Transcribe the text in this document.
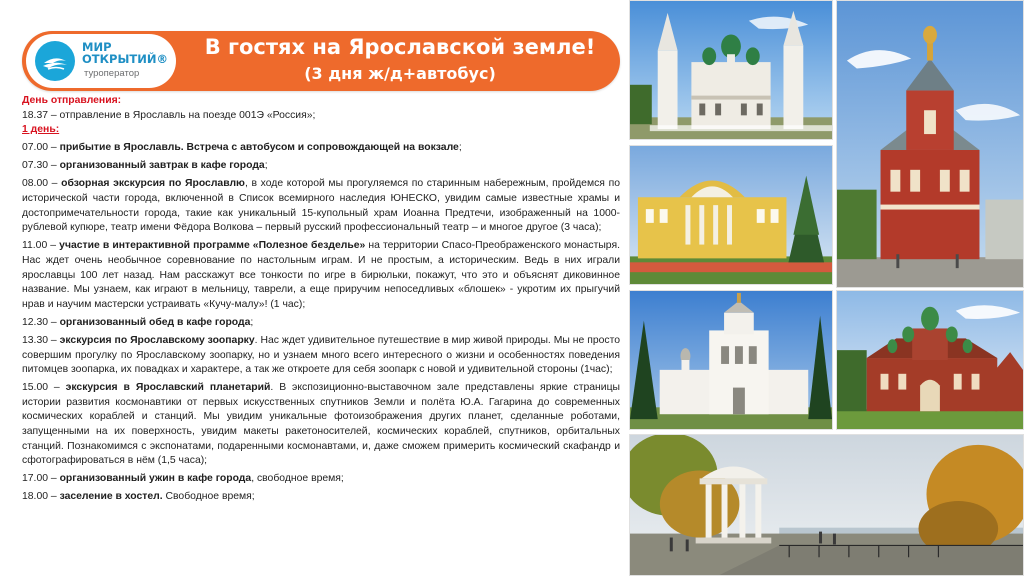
МИР
ОТКРЫТИЙ®
туроператор
В гостях на Ярославской земле!
(3 дня ж/д+автобус)

День отправления:

18.37 – отправление в Ярославль на поезде 001Э «Россия»;

1 день:

07.00 – прибытие в Ярославль. Встреча с автобусом и сопровождающей на вокзале;

07.30 – организованный завтрак в кафе города;

08.00 – обзорная экскурсия по Ярославлю, в ходе которой мы прогуляемся по старинным набережным, пройдемся по исторической части города, включенной в Список всемирного наследия ЮНЕСКО, увидим самые известные храмы и достопримечательности города, такие как уникальный 15-купольный храм Иоанна Предтечи, изображенный на 1000-рублевой купюре, театр имени Фёдора Волкова – первый русский профессиональный театр – и многое другое (3 часа);

11.00 – участие в интерактивной программе «Полезное безделье» на территории Спасо-Преображенского монастыря. Нас ждет очень необычное соревнование по настольным играм. И не простым, а историческим. Ведь в них играли ярославцы 100 лет назад. Нам расскажут все тонкости по игре в бирюльки, покажут, что это и объяснят диковинное название. Мы узнаем, как играют в мельницу, таврели, а еще приручим непоседливых «блошек» - укротим их прыгучий нрав и научим мастерски устраивать «Кучу-малу»! (1 час);

12.30 – организованный обед в кафе города;

13.30 – экскурсия по Ярославскому зоопарку. Нас ждет удивительное путешествие в мир живой природы. Мы не просто совершим прогулку по Ярославскому зоопарку, но и узнаем много всего интересного о жизни и особенностях поведения питомцев зоопарка, их повадках и характере, а так же откроете для себя зоопарк с новой и удивительной стороны (1час);

15.00 – экскурсия в Ярославский планетарий. В экспозиционно-выставочном зале представлены яркие страницы истории развития космонавтики от первых искусственных спутников Земли и полёта Ю.А. Гагарина до современных космических кораблей и станций. Мы увидим уникальные фотоизображения других планет, сделанные роботами, запущенными на их поверхность, увидим макеты ракетоносителей, космических кораблей, спутников, орбитальных станций. Познакомимся с экспонатами, подаренными космонавтами, и, даже сможем примерить космический скафандр и сфотографироваться в нём (1,5 часа);

17.00 – организованный ужин в кафе города, свободное время;

18.00 – заселение в хостел. Свободное время;
